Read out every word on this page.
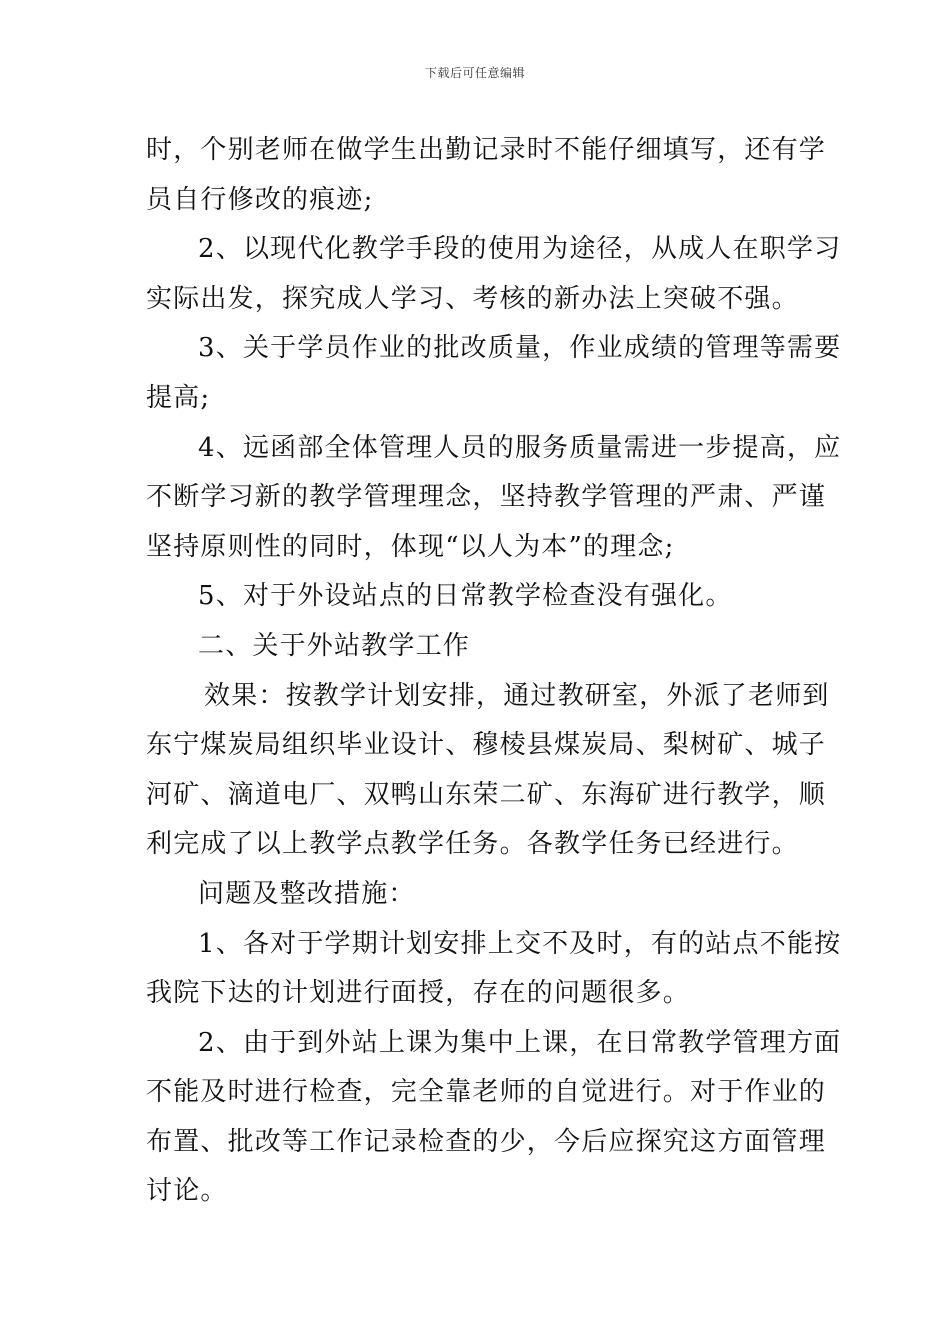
下载后可任意编辑
时，个别老师在做学生出勤记录时不能仔细填写，还有学
员自行修改的痕迹;
2、以现代化教学手段的使用为途径，从成人在职学习
实际出发，探究成人学习、考核的新办法上突破不强。
3、关于学员作业的批改质量，作业成绩的管理等需要
提高;
4、远函部全体管理人员的服务质量需进一步提高，应
不断学习新的教学管理理念，坚持教学管理的严肃、严谨
坚持原则性的同时，体现“以人为本”的理念;
5、对于外设站点的日常教学检查没有强化。
二、关于外站教学工作
效果：按教学计划安排，通过教研室，外派了老师到
东宁煤炭局组织毕业设计、穆棱县煤炭局、梨树矿、城子
河矿、滴道电厂、双鸭山东荣二矿、东海矿进行教学，顺
利完成了以上教学点教学任务。各教学任务已经进行。
问题及整改措施：
1、各对于学期计划安排上交不及时，有的站点不能按
我院下达的计划进行面授，存在的问题很多。
2、由于到外站上课为集中上课，在日常教学管理方面
不能及时进行检查，完全靠老师的自觉进行。对于作业的
布置、批改等工作记录检查的少，今后应探究这方面管理
讨论。
